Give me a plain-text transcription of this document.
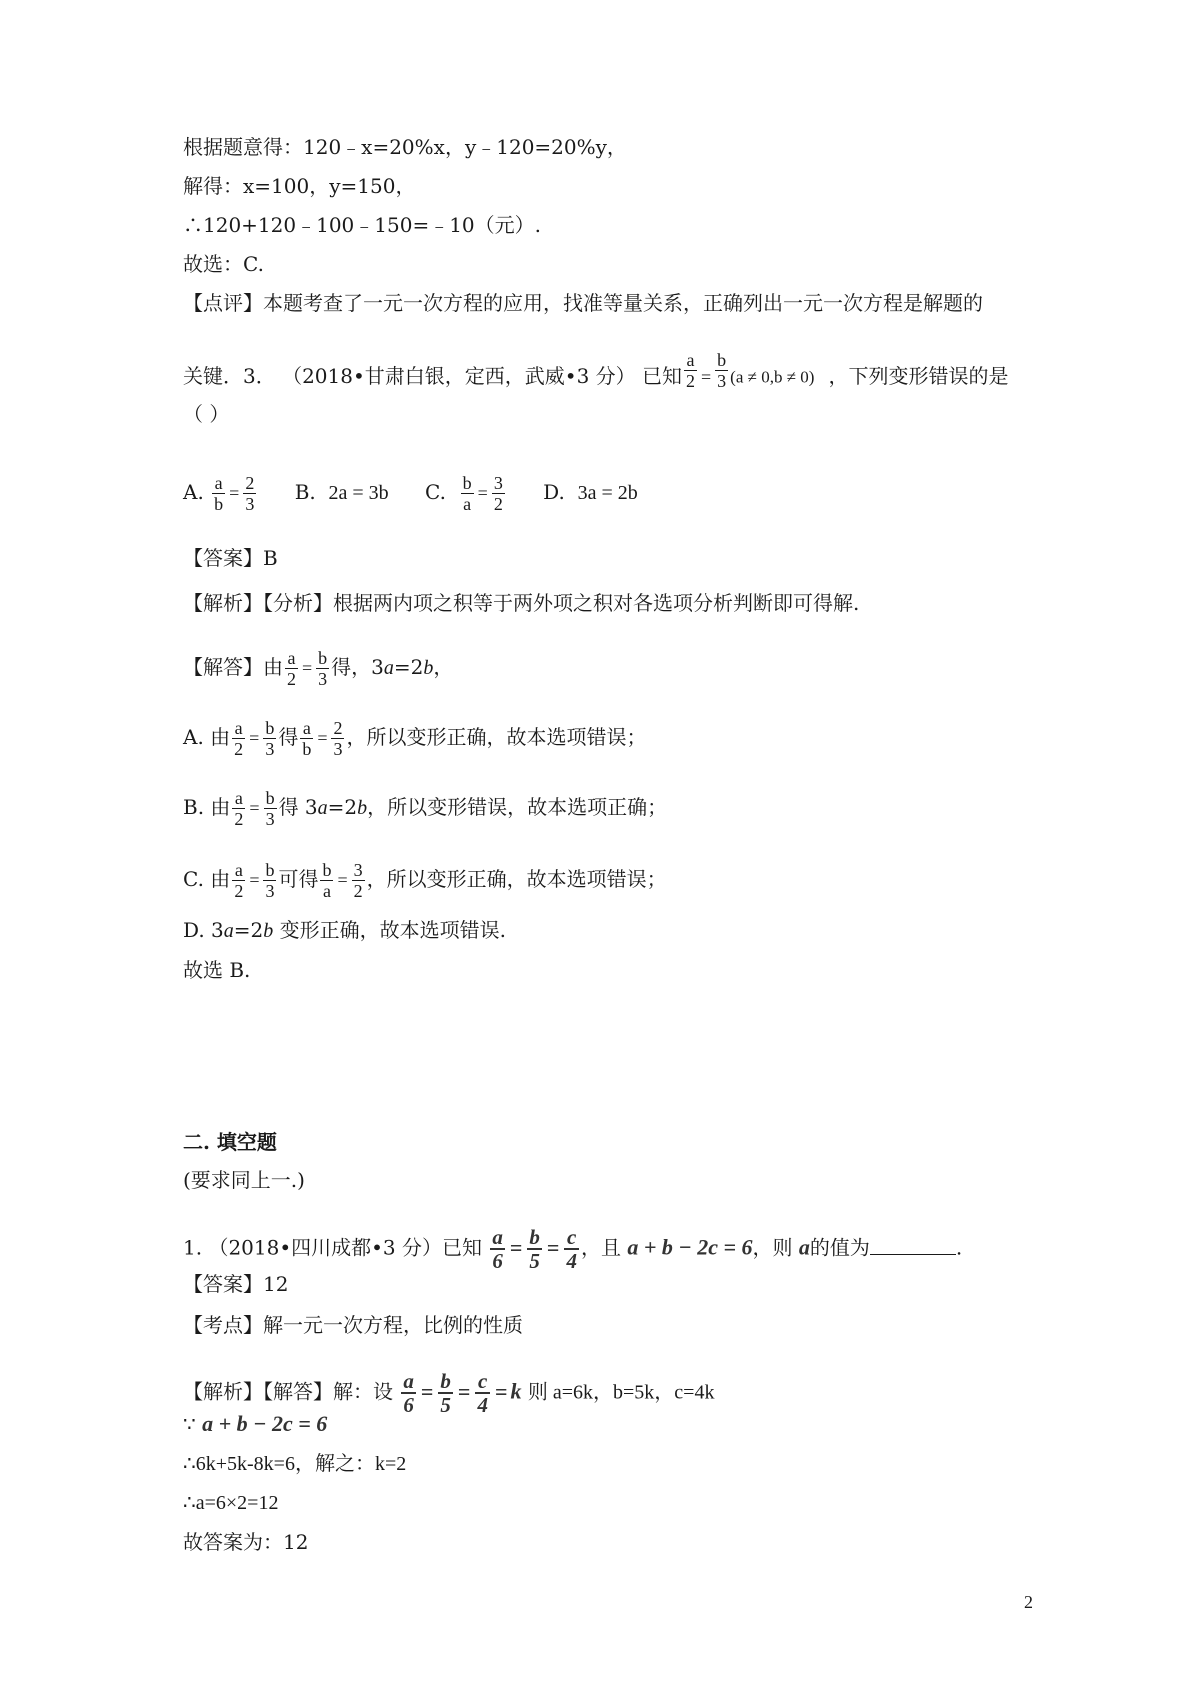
根据题意得：120﹣x=20%x，y﹣120=20%y，
解得：x=100，y=150，
∴120+120﹣100﹣150=﹣10（元）.
故选：C.
【点评】本题考查了一元一次方程的应用，找准等量关系，正确列出一元一次方程是解题的
关键．3． （2018•甘肃白银，定西，武威•3 分） 已知 $\frac{a}{2} = \frac{b}{3} (a \ne 0,b \ne 0)$ ，下列变形错误的是
（ ）
A. $\frac{a}{b} = \frac{2}{3} B$. 2a = 3b C. $\frac{b}{a} = \frac{3}{2} D$. 3a = 2b
【答案】B
【解析】【分析】根据两内项之积等于两外项之积对各选项分析判断即可得解.
【解答】由 $\frac{a}{2} = \frac{b}{3}$ 得，3a=2b，
A. 由 $\frac{a}{2} = \frac{b}{3}$ 得 $\frac{a}{b} = \frac{2}{3}$ ，所以变形正确，故本选项错误；
B. 由 $\frac{a}{2} = \frac{b}{3}$ 得 3a=2b，所以变形错误，故本选项正确；
C. 由 $\frac{a}{2} = \frac{b}{3}$ 可得 $\frac{b}{a} = \frac{3}{2}$ ，所以变形正确，故本选项错误；
D. 3a=2b 变形正确，故本选项错误.
故选 B.
二. 填空题
(要求同上一.)
1. （2018•四川成都•3 分）已知 $\frac{a}{6} = \frac{b}{5} = \frac{c}{4}$ ，且 a + b − 2c = 6，则 a的值为	.
【答案】12
【考点】解一元一次方程，比例的性质
【解析】【解答】解：设 $\frac{a}{6} = \frac{b}{5} = \frac{c}{4} = k$ 则 a=6k，b=5k，c=4k
∵ a + b − 2c = 6
∴6k+5k-8k=6，解之：k=2
∴a=6×2=12
故答案为：12
2
